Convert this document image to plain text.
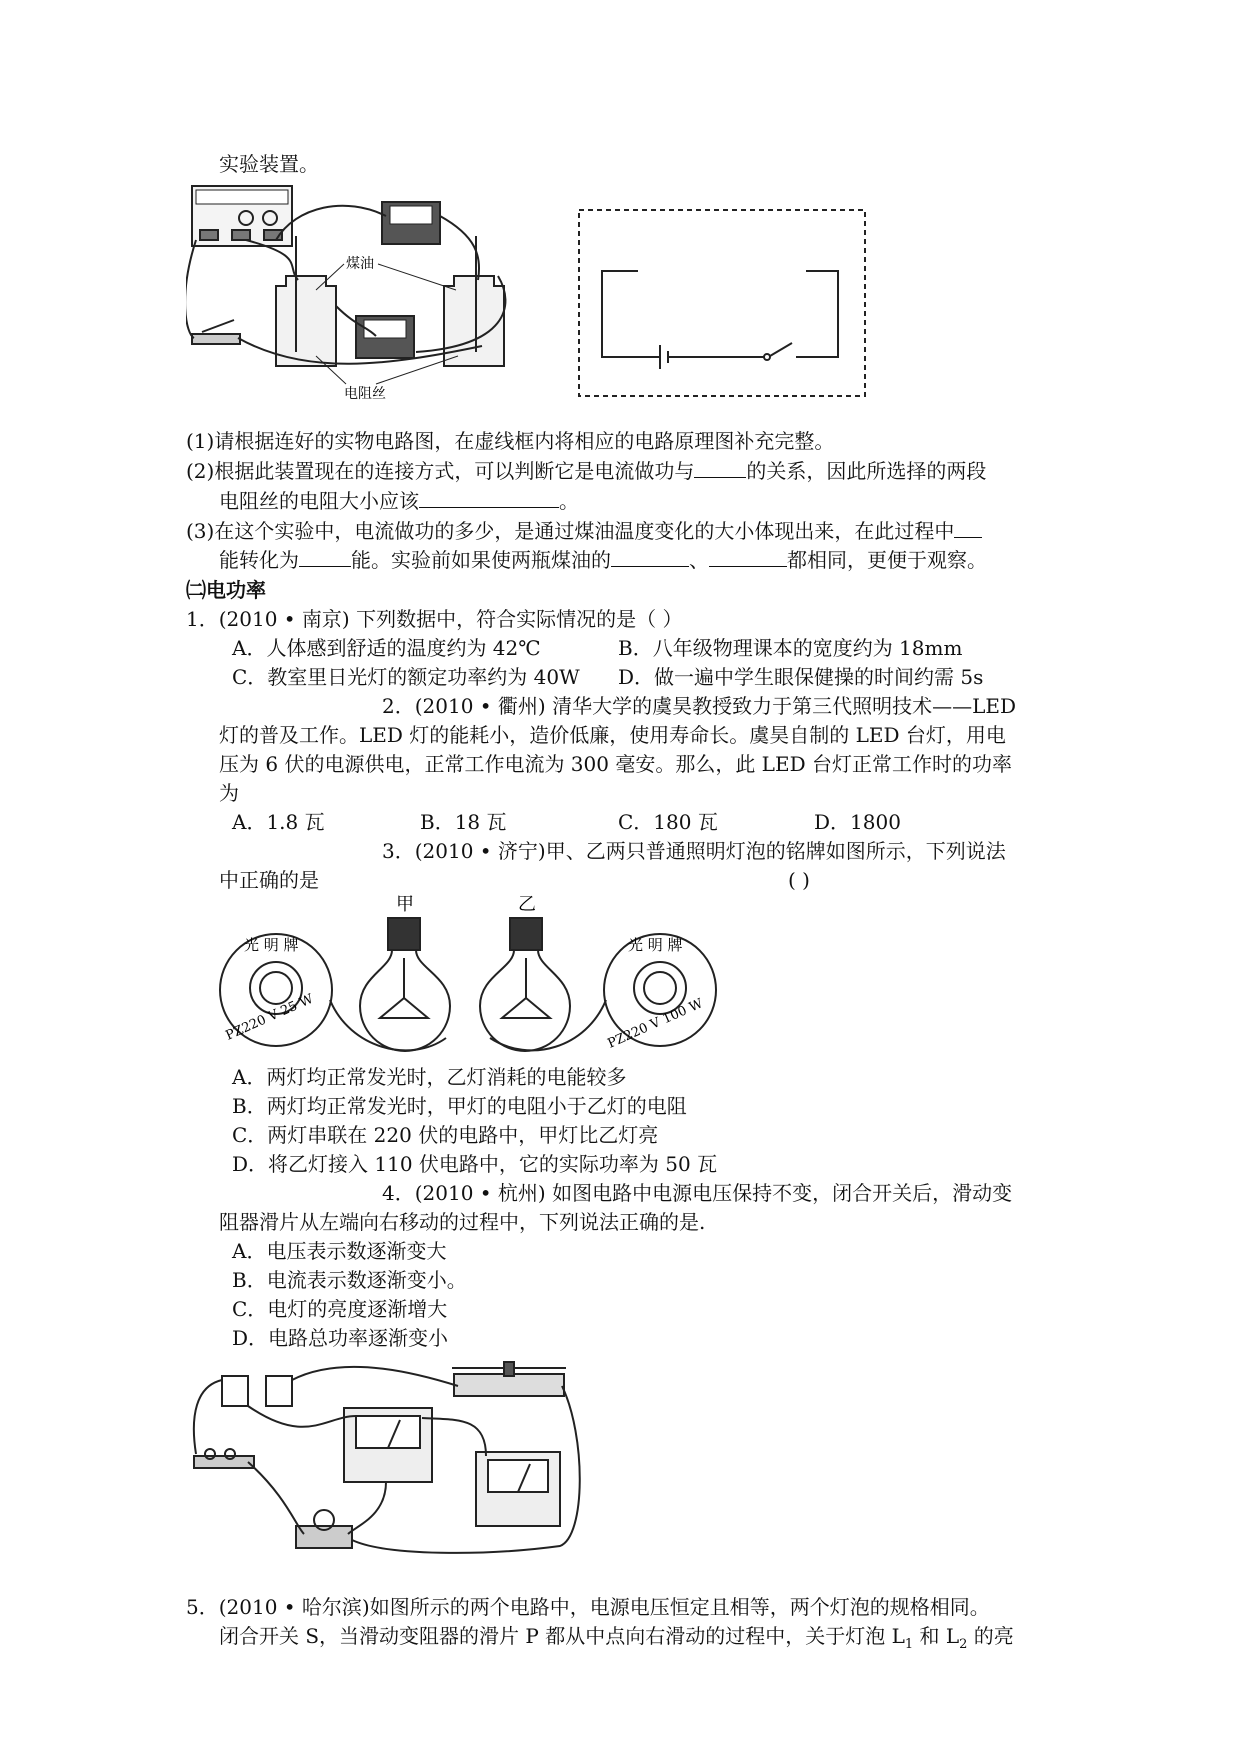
实验装置。
煤油
电阻丝
(1)请根据连好的实物电路图，在虚线框内将相应的电路原理图补充完整。
(2)根据此装置现在的连接方式，可以判断它是电流做功与	的关系，因此所选择的两段
电阻丝的电阻大小应该	。
(3)在这个实验中，电流做功的多少，是通过煤油温度变化的大小体现出来，在此过程中
能转化为	能。实验前如果使两瓶煤油的	、	都相同，更便于观察。
㈡电功率
1．(2010 • 南京) 下列数据中，符合实际情况的是（ ）
A．人体感到舒适的温度约为 42℃	B．八年级物理课本的宽度约为 18mm
C．教室里日光灯的额定功率约为 40W D．做一遍中学生眼保健操的时间约需 5s
2．(2010 • 衢州) 清华大学的虞昊教授致力于第三代照明技术——LED
灯的普及工作。LED 灯的能耗小，造价低廉，使用寿命长。虞昊自制的 LED 台灯，用电
压为 6 伏的电源供电，正常工作电流为 300 毫安。那么，此 LED 台灯正常工作时的功率
为
A．1.8 瓦	B．18 瓦	C．180 瓦	D．1800
3．(2010 • 济宁)甲、乙两只普通照明灯泡的铭牌如图所示，下列说法
中正确的是	( )
甲	乙
光 明 牌	光 明 牌
PZ220 V 25 W	PZ220 V 100 W
A．两灯均正常发光时，乙灯消耗的电能较多
B．两灯均正常发光时，甲灯的电阻小于乙灯的电阻
C．两灯串联在 220 伏的电路中，甲灯比乙灯亮
D．将乙灯接入 110 伏电路中，它的实际功率为 50 瓦
4．(2010 • 杭州) 如图电路中电源电压保持不变，闭合开关后，滑动变
阻器滑片从左端向右移动的过程中，下列说法正确的是.
A．电压表示数逐渐变大
B．电流表示数逐渐变小。
C．电灯的亮度逐渐增大
D．电路总功率逐渐变小
5．(2010 • 哈尔滨)如图所示的两个电路中，电源电压恒定且相等，两个灯泡的规格相同。
闭合开关 S，当滑动变阻器的滑片 P 都从中点向右滑动的过程中，关于灯泡 $L_1$ 和 $L_2$ 的亮
